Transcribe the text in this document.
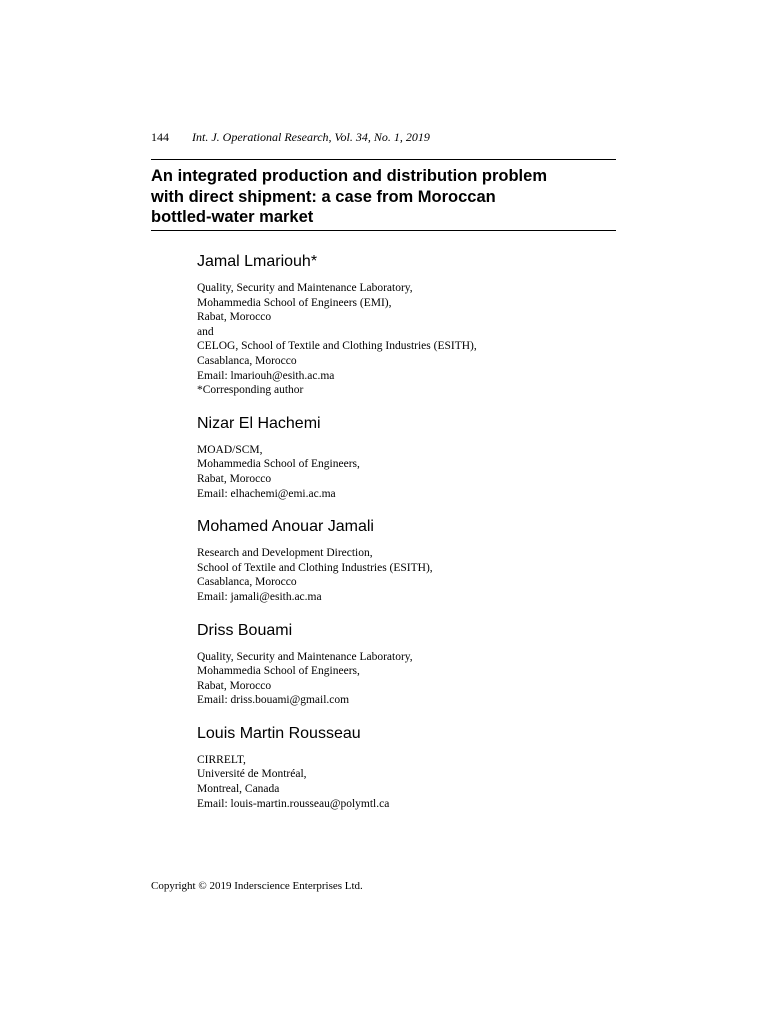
144 Int. J. Operational Research, Vol. 34, No. 1, 2019
An integrated production and distribution problem
with direct shipment: a case from Moroccan
bottled-water market
Jamal Lmariouh*
Quality, Security and Maintenance Laboratory,
Mohammedia School of Engineers (EMI),
Rabat, Morocco
and
CELOG, School of Textile and Clothing Industries (ESITH),
Casablanca, Morocco
Email: lmariouh@esith.ac.ma
*Corresponding author
Nizar El Hachemi
MOAD/SCM,
Mohammedia School of Engineers,
Rabat, Morocco
Email: elhachemi@emi.ac.ma
Mohamed Anouar Jamali
Research and Development Direction,
School of Textile and Clothing Industries (ESITH),
Casablanca, Morocco
Email: jamali@esith.ac.ma
Driss Bouami
Quality, Security and Maintenance Laboratory,
Mohammedia School of Engineers,
Rabat, Morocco
Email: driss.bouami@gmail.com
Louis Martin Rousseau
CIRRELT,
Université de Montréal,
Montreal, Canada
Email: louis-martin.rousseau@polymtl.ca
Copyright © 2019 Inderscience Enterprises Ltd.
